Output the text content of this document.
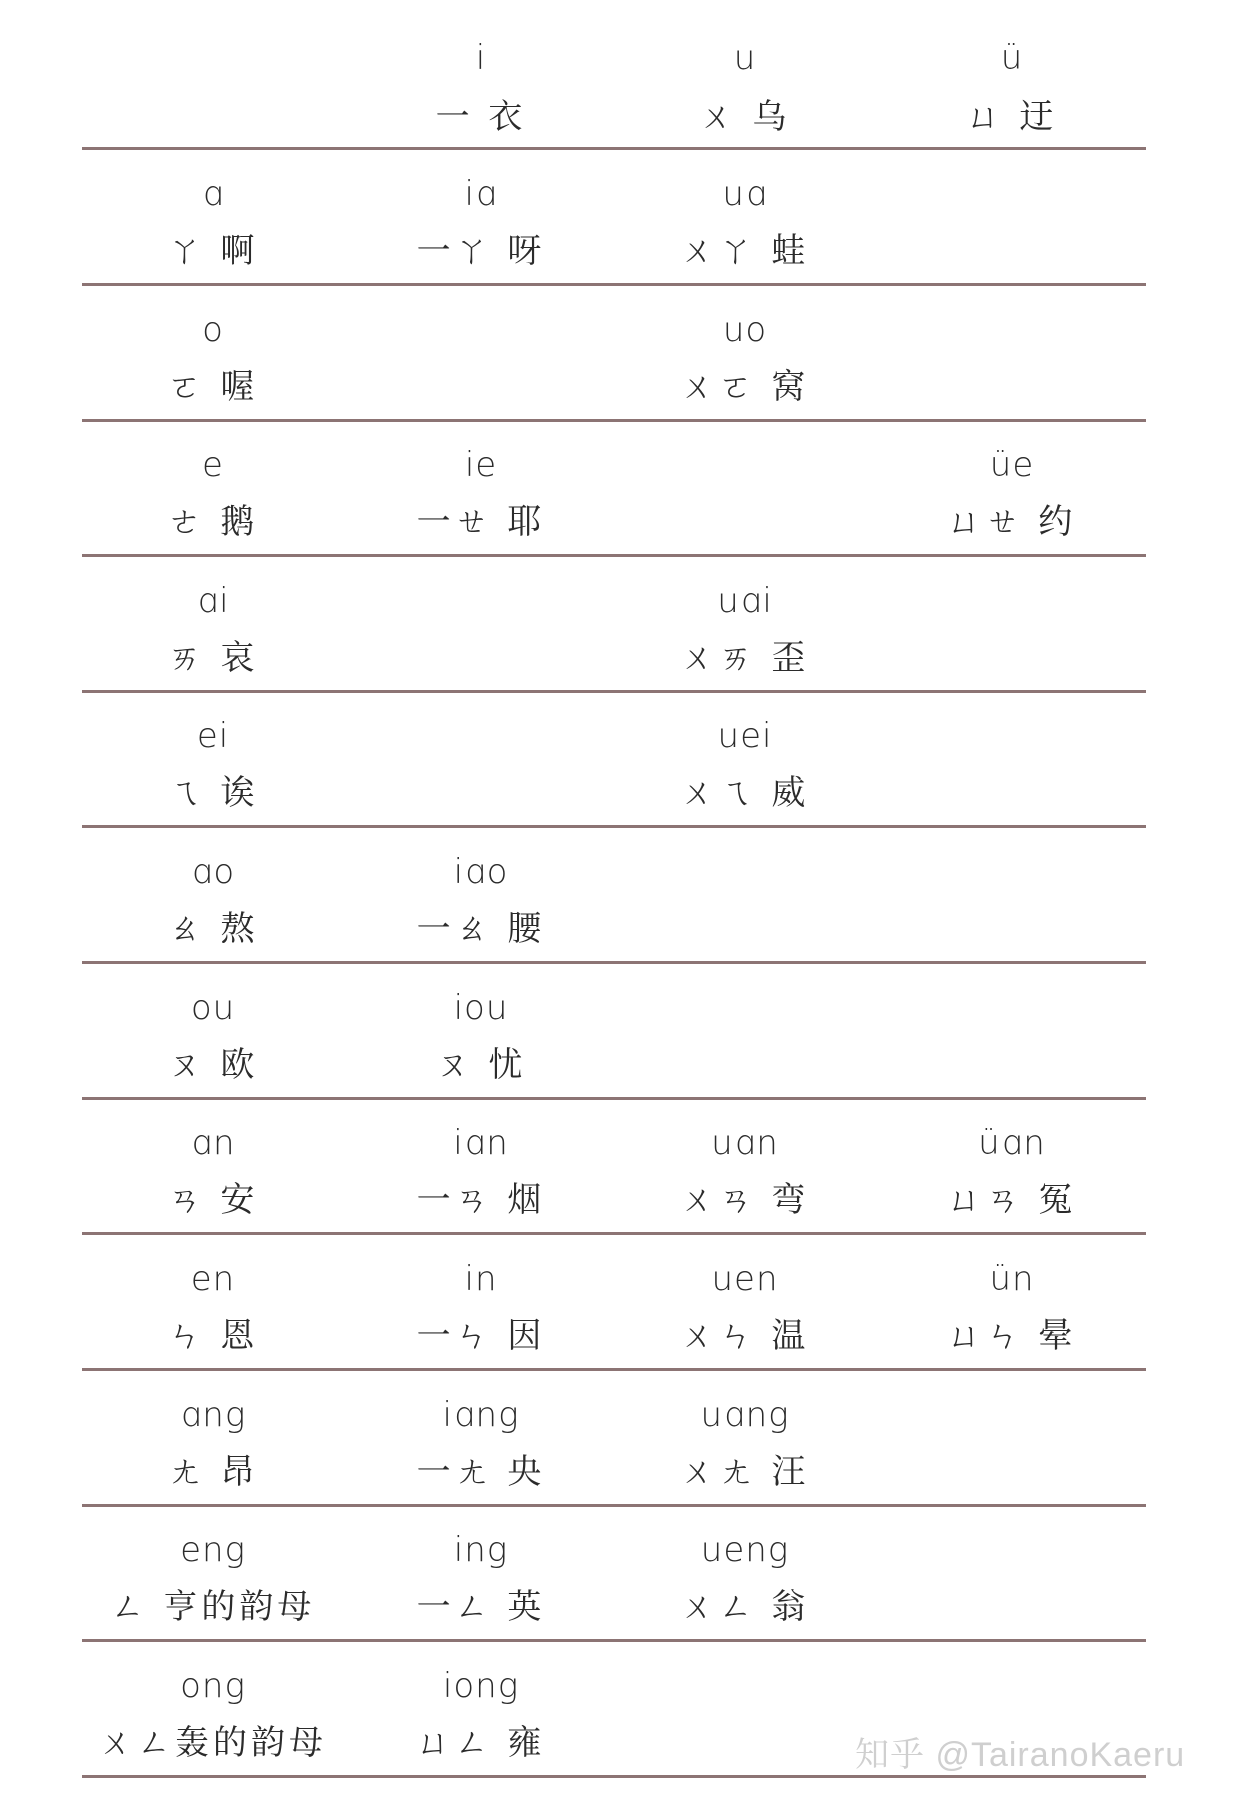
i
一 衣
u
ㄨ 乌
ü
ㄩ 迂
ɑ
ㄚ 啊
iɑ
一ㄚ 呀
uɑ
ㄨㄚ 蛙
o
ㄛ 喔
uo
ㄨㄛ 窝
e
ㄜ 鹅
ie
一ㄝ 耶
üe
ㄩㄝ 约
ɑi
ㄞ 哀
uɑi
ㄨㄞ 歪
ei
ㄟ 诶
uei
ㄨㄟ 威
ɑo
ㄠ 熬
iɑo
一ㄠ 腰
ou
ㄡ 欧
iou
ㄡ 忧
ɑn
ㄢ 安
iɑn
一ㄢ 烟
uɑn
ㄨㄢ 弯
üɑn
ㄩㄢ 冤
en
ㄣ 恩
in
一ㄣ 因
uen
ㄨㄣ 温
ün
ㄩㄣ 晕
ɑng
ㄤ 昂
iɑng
一ㄤ 央
uɑng
ㄨㄤ 汪
eng
ㄥ 亨的韵母
ing
一ㄥ 英
ueng
ㄨㄥ 翁
ong
ㄨㄥ轰的韵母
iong
ㄩㄥ 雍	知乎 @TairanoKaeru
